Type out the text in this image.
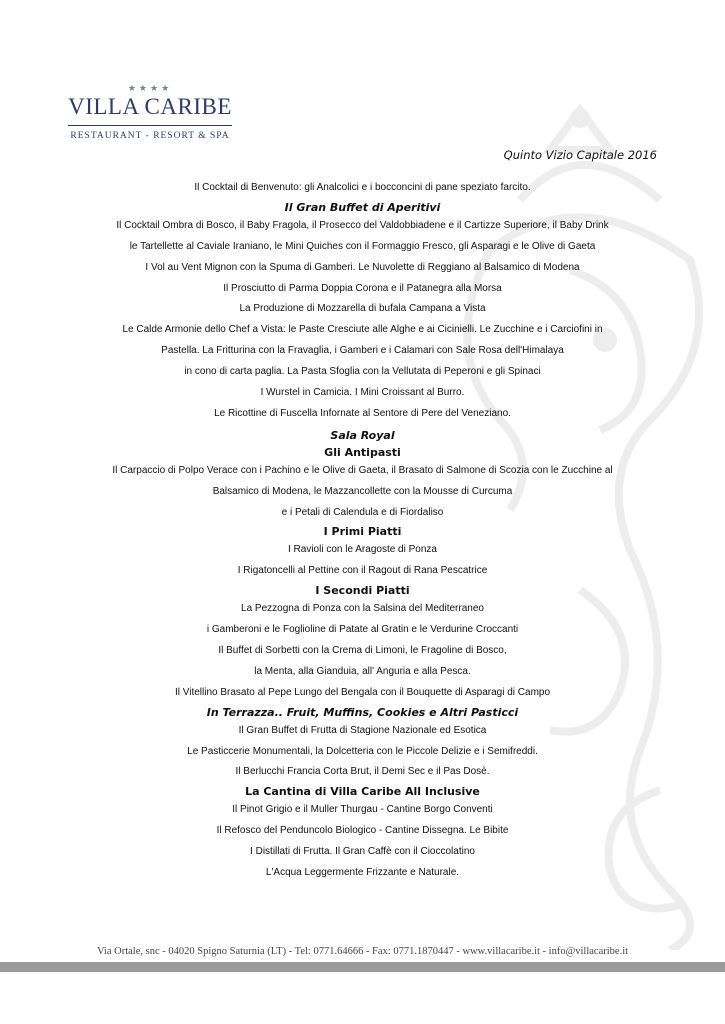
★★★★
VILLA CARIBE
RESTAURANT - RESORT & SPA
Quinto Vizio Capitale 2016
Il Cocktail di Benvenuto: gli Analcolici e i bocconcini di pane speziato farcito.
Il Gran Buffet di Aperitivi
Il Cocktail Ombra di Bosco, il Baby Fragola, il Prosecco del Valdobbiadene e il Cartizze Superiore, il Baby Drink
le Tartellette al Caviale Iraniano, le Mini Quiches con il Formaggio Fresco, gli Asparagi e le Olive di Gaeta
I Vol au Vent Mignon con la Spuma di Gamberi. Le Nuvolette di Reggiano al Balsamico di Modena
Il Prosciutto di Parma Doppia Corona e il Patanegra alla Morsa
La Produzione di Mozzarella di bufala Campana a Vista
Le Calde Armonie dello Chef a Vista: le Paste Cresciute alle Alghe e ai Cicinielli. Le Zucchine e i Carciofini in
Pastella. La Fritturina con la Fravaglia, i Gamberi e i Calamari con Sale Rosa dell'Himalaya
in cono di carta paglia. La Pasta Sfoglia con la Vellutata di Peperoni e gli Spinaci
I Wurstel in Camicia. I Mini Croissant al Burro.
Le Ricottine di Fuscella Infornate al Sentore di Pere del Veneziano.
Sala Royal
Gli Antipasti
Il Carpaccio di Polpo Verace con i Pachino e le Olive di Gaeta, il Brasato di Salmone di Scozia con le Zucchine al
Balsamico di Modena, le Mazzancollette con la Mousse di Curcuma
e i Petali di Calendula e di Fiordaliso
I Primi Piatti
I Ravioli con le Aragoste di Ponza
I Rigatoncelli al Pettine con il Ragout di Rana Pescatrice
I Secondi Piatti
La Pezzogna di Ponza con la Salsina del Mediterraneo
i Gamberoni e le Foglioline di Patate al Gratin e le Verdurine Croccanti
Il Buffet di Sorbetti con la Crema di Limoni, le Fragoline di Bosco,
la Menta, alla Gianduia, all' Anguria e alla Pesca.
Il Vitellino Brasato al Pepe Lungo del Bengala con il Bouquette di Asparagi di Campo
In Terrazza.. Fruit, Muffins, Cookies e Altri Pasticci
Il Gran Buffet di Frutta di Stagione Nazionale ed Esotica
Le Pasticcerie Monumentali, la Dolcetteria con le Piccole Delizie e i Semifreddi.
Il Berlucchi Francia Corta Brut, il Demi Sec e il Pas Dosè.
La Cantina di Villa Caribe All Inclusive
Il Pinot Grigio e il Muller Thurgau - Cantine Borgo Conventi
Il Refosco del Penduncolo Biologico - Cantine Dissegna. Le Bibite
I Distillati di Frutta. Il Gran Caffè con il Cioccolatino
L'Acqua Leggermente Frizzante e Naturale.
Via Ortale, snc - 04020 Spigno Saturnia (LT) - Tel: 0771.64666 - Fax: 0771.1870447 - www.villacaribe.it - info@villacaribe.it
